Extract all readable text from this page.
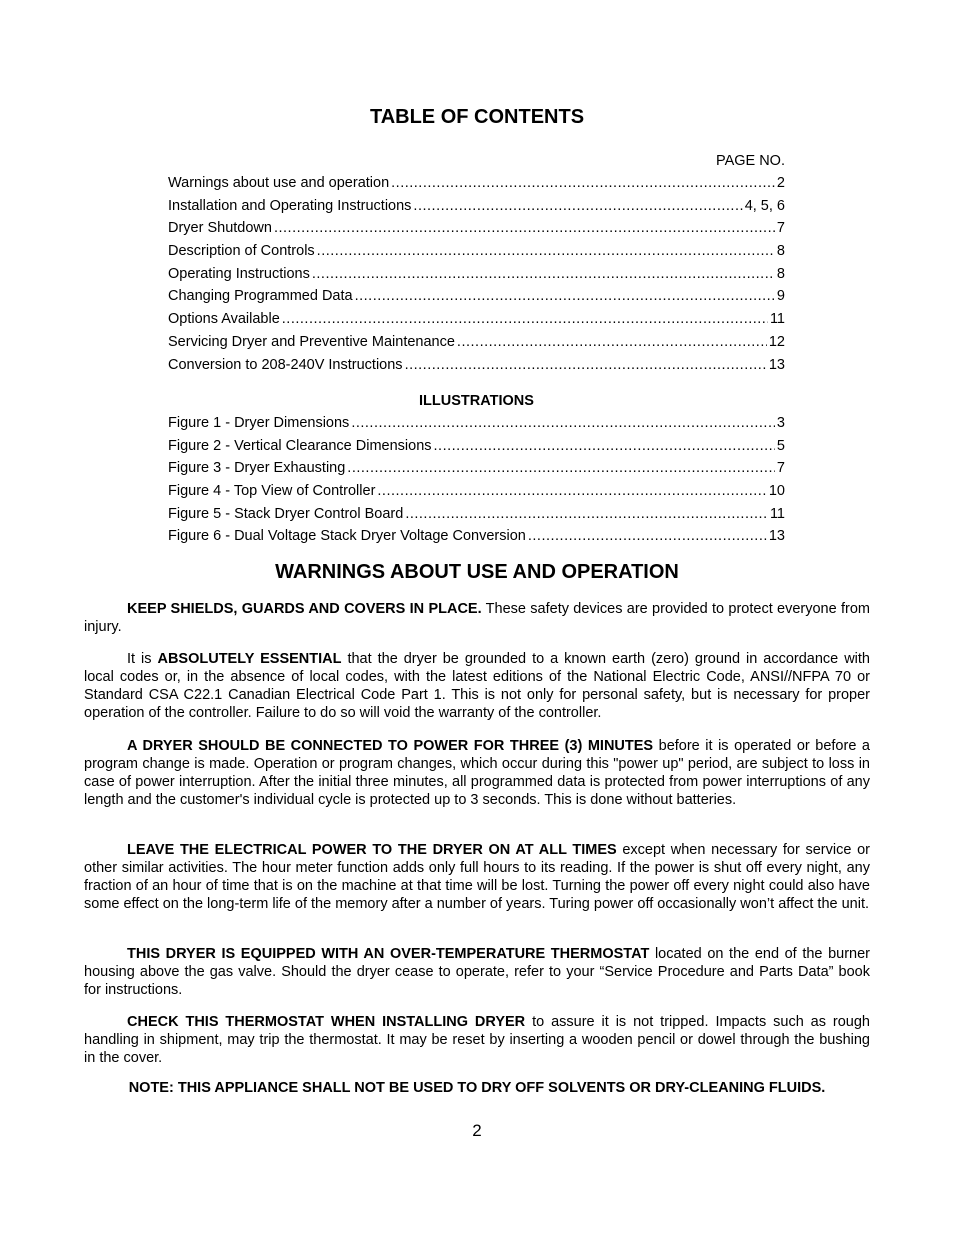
TABLE OF CONTENTS
PAGE NO.
Warnings about use and operation .....	2
Installation and Operating Instructions .....	4, 5, 6
Dryer Shutdown .....	7
Description of Controls .....	8
Operating Instructions .....	8
Changing Programmed Data .....	9
Options Available .....	11
Servicing Dryer and Preventive Maintenance .....	12
Conversion to 208-240V Instructions .....	13
ILLUSTRATIONS
Figure 1 - Dryer Dimensions .....	3
Figure 2 - Vertical Clearance Dimensions .....	5
Figure 3 - Dryer Exhausting .....	7
Figure 4 - Top View of Controller .....	10
Figure 5 - Stack Dryer Control Board .....	11
Figure 6 - Dual Voltage Stack Dryer Voltage Conversion .....	13
WARNINGS ABOUT USE AND OPERATION

KEEP SHIELDS, GUARDS AND COVERS IN PLACE. These safety devices are provided to protect everyone from injury.

It is ABSOLUTELY ESSENTIAL that the dryer be grounded to a known earth (zero) ground in accordance with local codes or, in the absence of local codes, with the latest editions of the National Electric Code, ANSI//NFPA 70 or Standard CSA C22.1 Canadian Electrical Code Part 1. This is not only for personal safety, but is necessary for proper operation of the controller. Failure to do so will void the warranty of the controller.

A DRYER SHOULD BE CONNECTED TO POWER FOR THREE (3) MINUTES before it is operated or before a program change is made. Operation or program changes, which occur during this "power up" period, are subject to loss in case of power interruption. After the initial three minutes, all programmed data is protected from power interruptions of any length and the customer's individual cycle is protected up to 3 seconds. This is done without batteries.

LEAVE THE ELECTRICAL POWER TO THE DRYER ON AT ALL TIMES except when necessary for service or other similar activities. The hour meter function adds only full hours to its reading. If the power is shut off every night, any fraction of an hour of time that is on the machine at that time will be lost. Turning the power off every night could also have some effect on the long-term life of the memory after a number of years. Turing power off occasionally won’t affect the unit.

THIS DRYER IS EQUIPPED WITH AN OVER-TEMPERATURE THERMOSTAT located on the end of the burner housing above the gas valve. Should the dryer cease to operate, refer to your “Service Procedure and Parts Data” book for instructions.

CHECK THIS THERMOSTAT WHEN INSTALLING DRYER to assure it is not tripped. Impacts such as rough handling in shipment, may trip the thermostat. It may be reset by inserting a wooden pencil or dowel through the bushing in the cover.

NOTE: THIS APPLIANCE SHALL NOT BE USED TO DRY OFF SOLVENTS OR DRY-CLEANING FLUIDS.
2
